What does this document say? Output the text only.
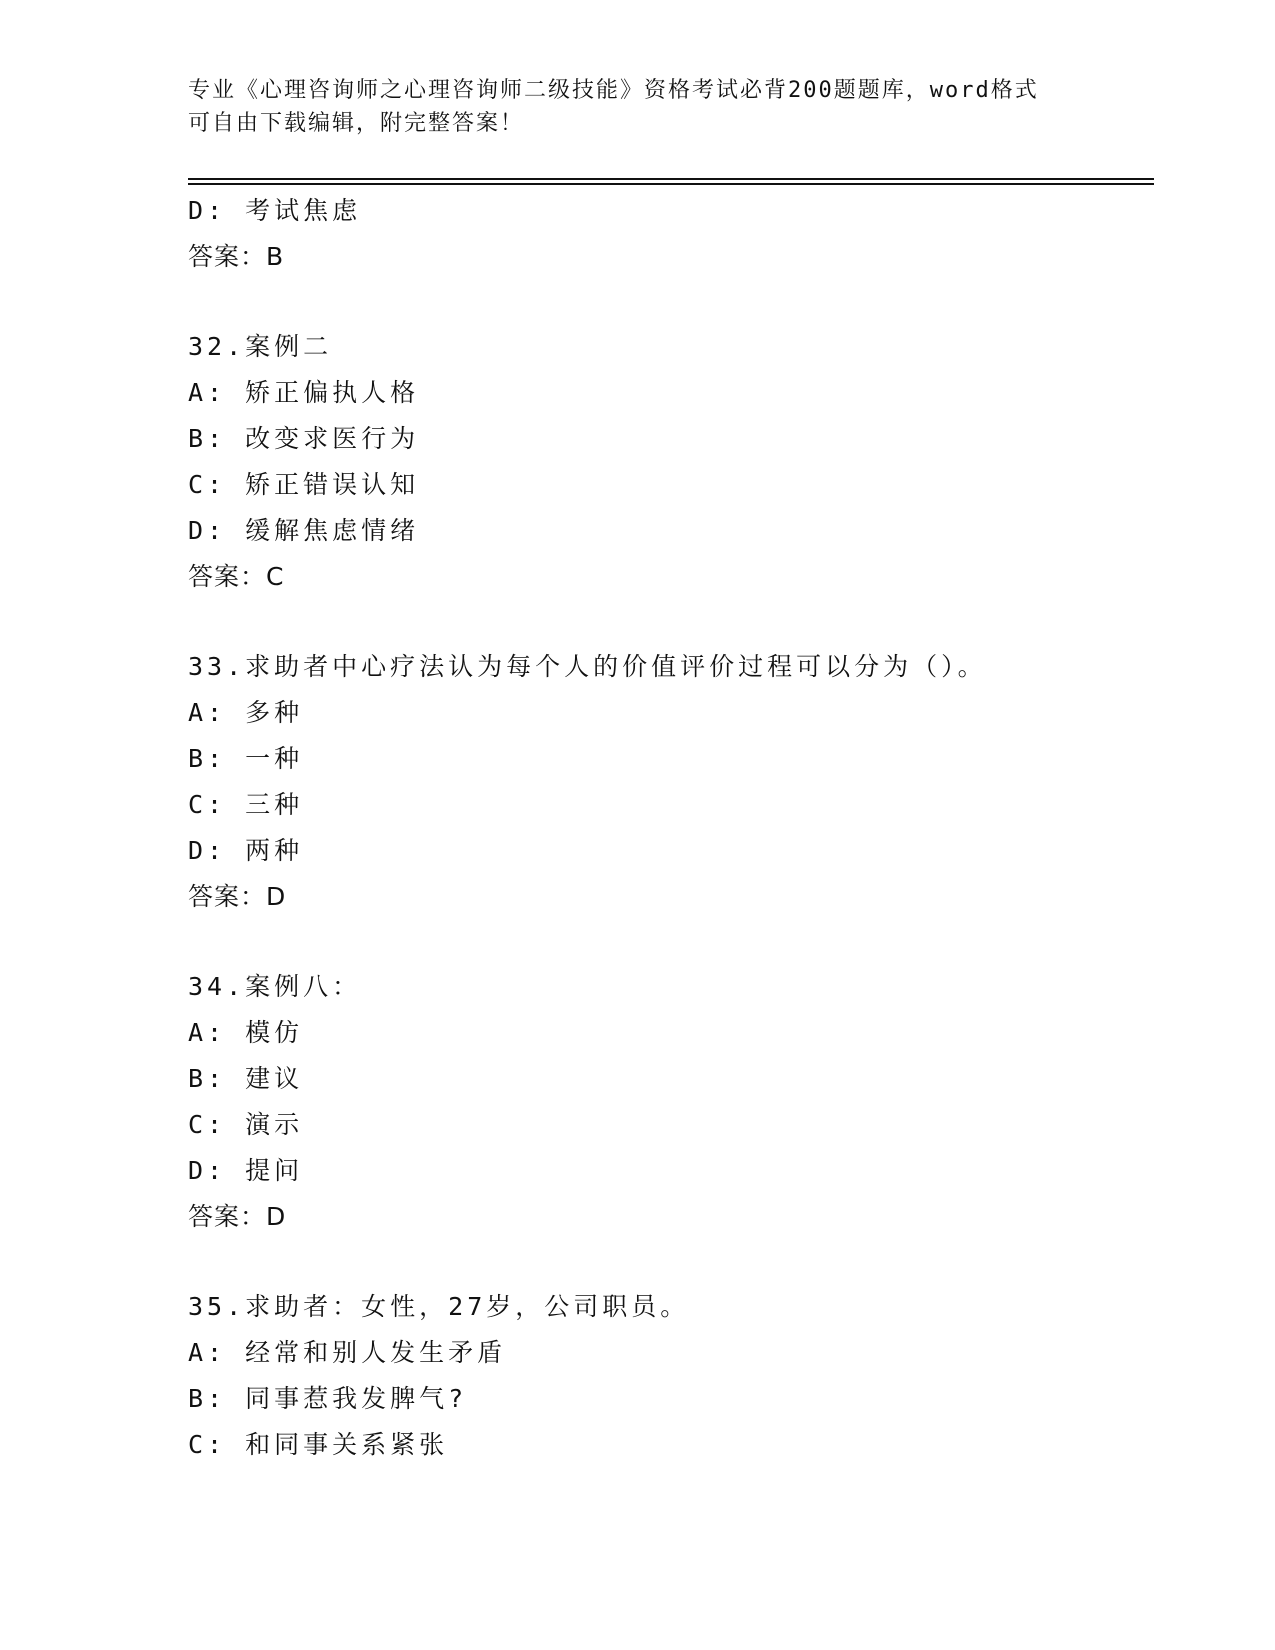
专业《心理咨询师之心理咨询师二级技能》资格考试必背200题题库，word格式
可自由下载编辑，附完整答案！
D: 考试焦虑
答案：B
32.案例二
A: 矫正偏执人格
B: 改变求医行为
C: 矫正错误认知
D: 缓解焦虑情绪
答案：C
33.求助者中心疗法认为每个人的价值评价过程可以分为（）。
A: 多种
B: 一种
C: 三种
D: 两种
答案：D
34.案例八：
A: 模仿
B: 建议
C: 演示
D: 提问
答案：D
35.求助者：女性，27岁，公司职员。
A: 经常和别人发生矛盾
B: 同事惹我发脾气?
C: 和同事关系紧张
